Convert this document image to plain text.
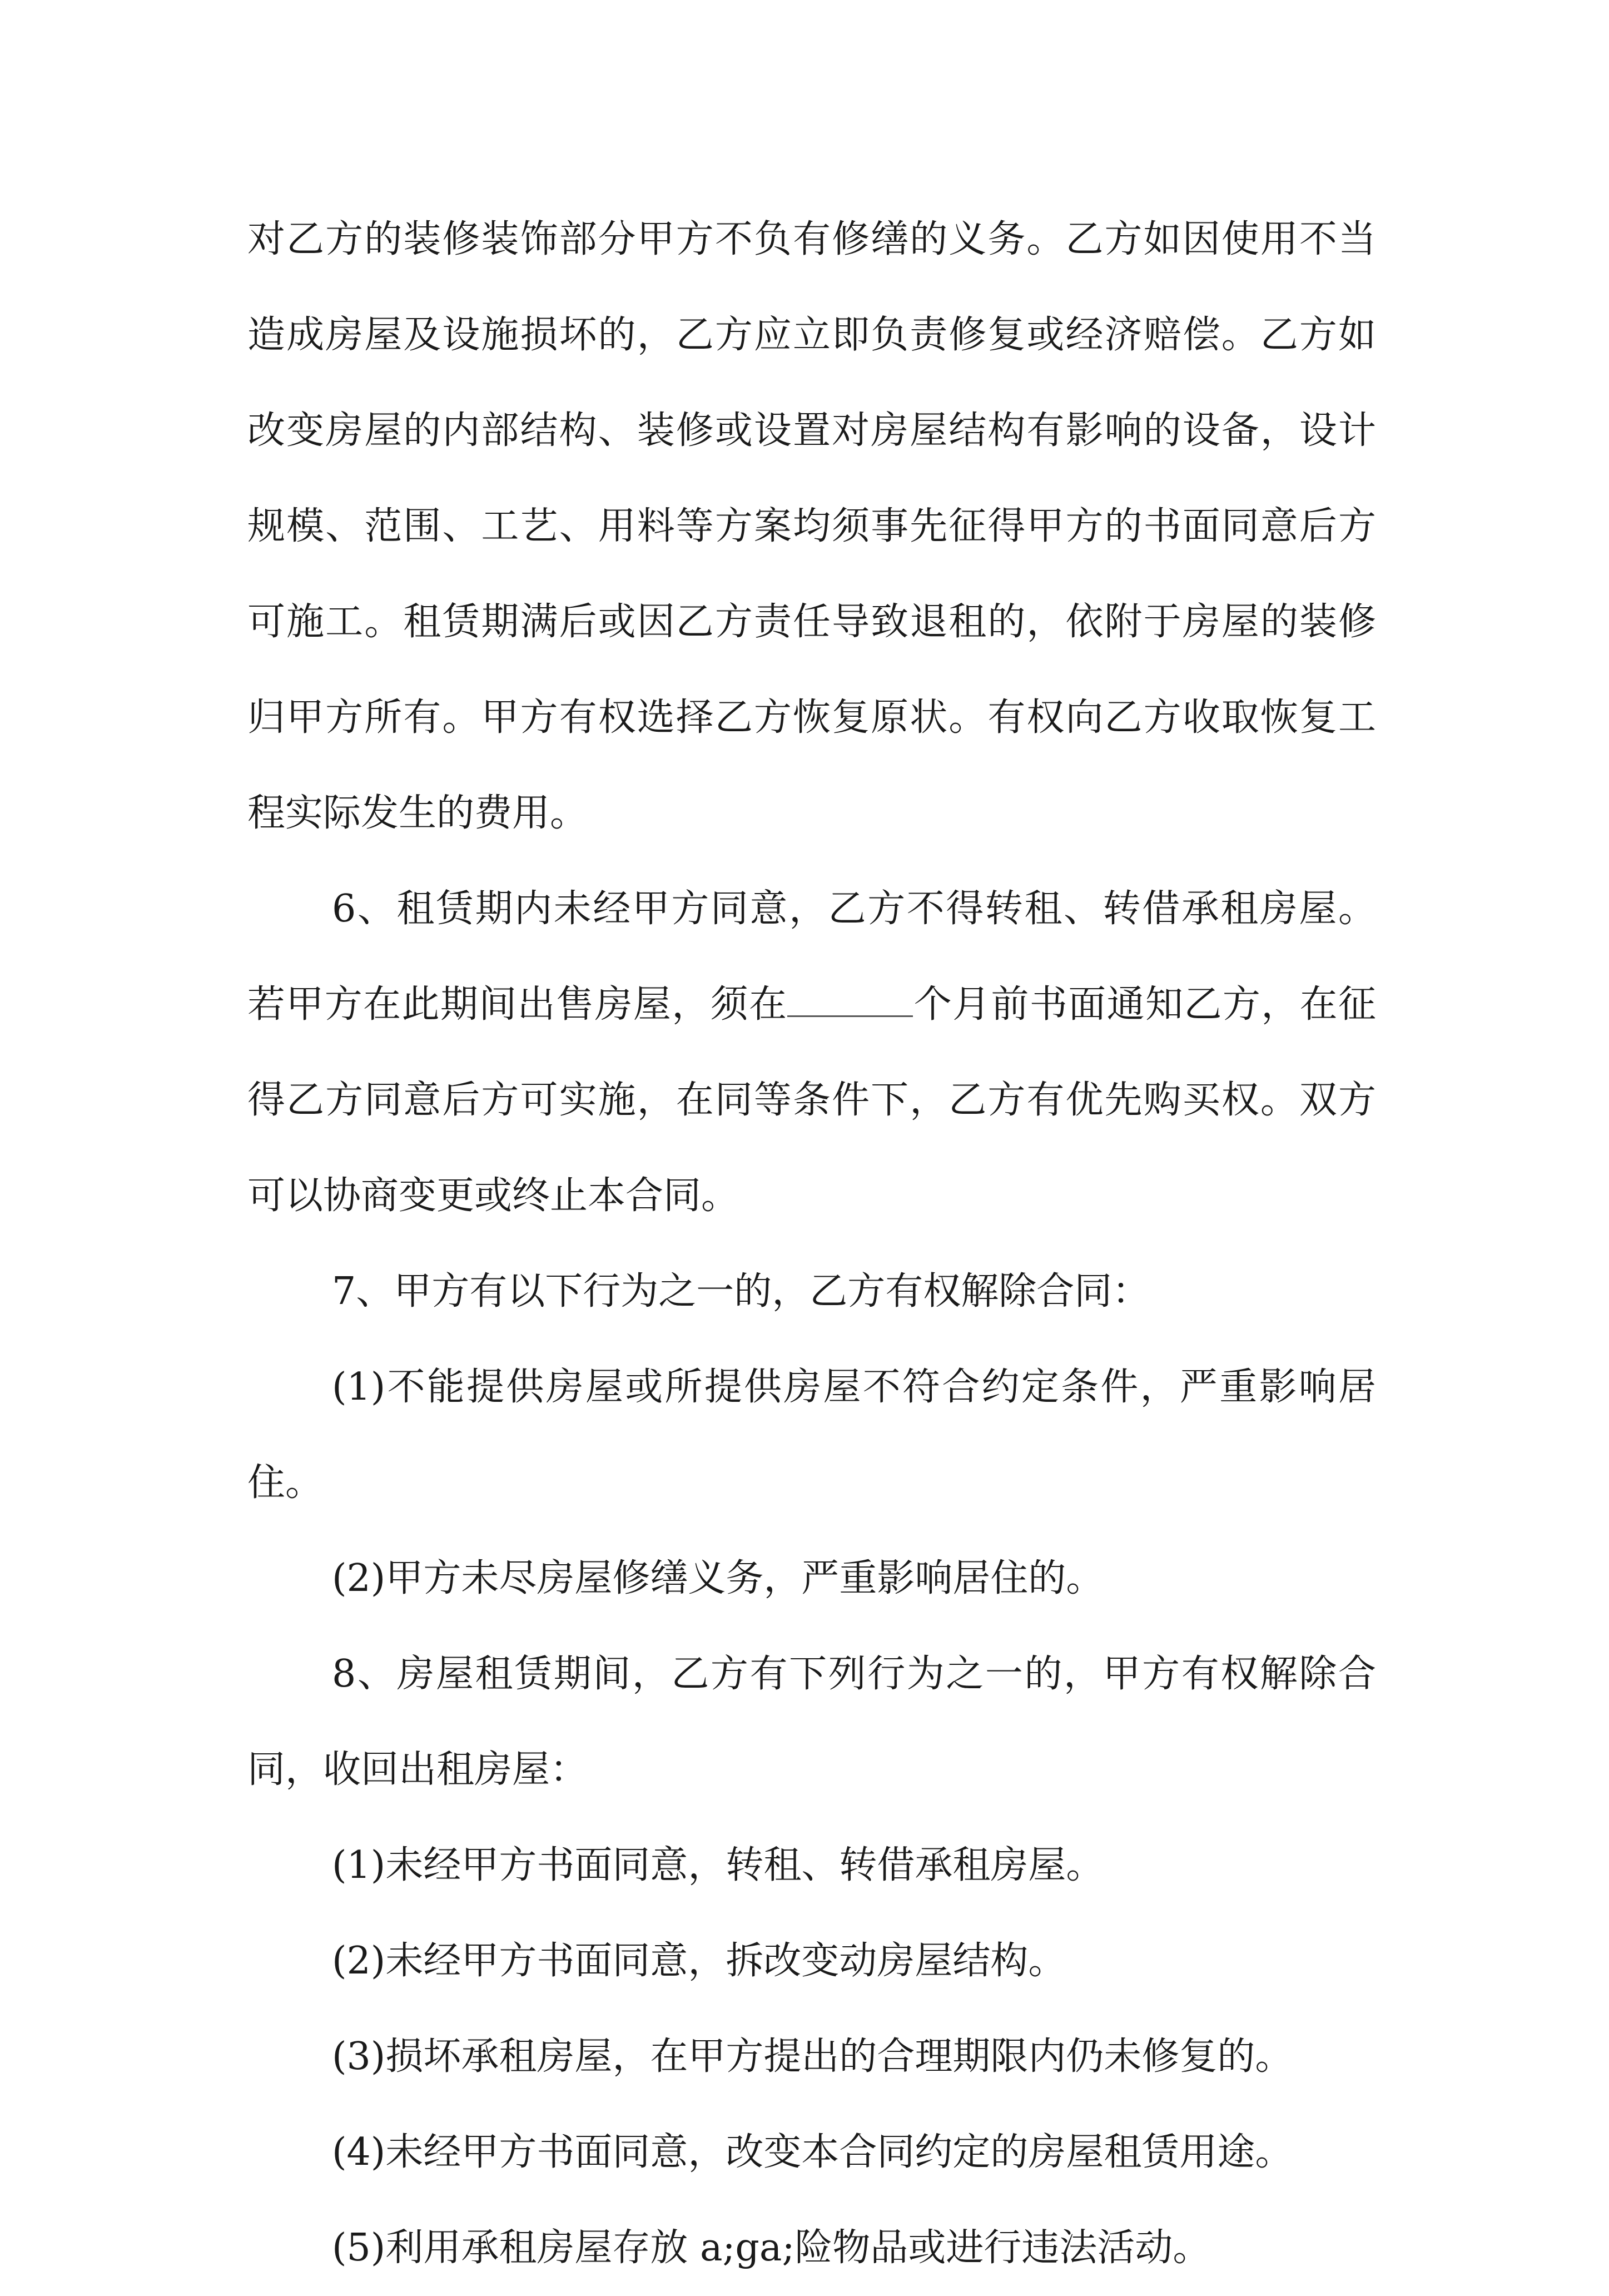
对乙方的装修装饰部分甲方不负有修缮的义务。乙方如因使用不当造成房屋及设施损坏的，乙方应立即负责修复或经济赔偿。乙方如改变房屋的内部结构、装修或设置对房屋结构有影响的设备，设计规模、范围、工艺、用料等方案均须事先征得甲方的书面同意后方可施工。租赁期满后或因乙方责任导致退租的，依附于房屋的装修归甲方所有。甲方有权选择乙方恢复原状。有权向乙方收取恢复工程实际发生的费用。

6、租赁期内未经甲方同意，乙方不得转租、转借承租房屋。若甲方在此期间出售房屋，须在	个月前书面通知乙方，在征得乙方同意后方可实施，在同等条件下，乙方有优先购买权。双方可以协商变更或终止本合同。

7、甲方有以下行为之一的，乙方有权解除合同：

(1)不能提供房屋或所提供房屋不符合约定条件，严重影响居住。

(2)甲方未尽房屋修缮义务，严重影响居住的。

8、房屋租赁期间，乙方有下列行为之一的，甲方有权解除合同，收回出租房屋：

(1)未经甲方书面同意，转租、转借承租房屋。

(2)未经甲方书面同意，拆改变动房屋结构。

(3)损坏承租房屋，在甲方提出的合理期限内仍未修复的。

(4)未经甲方书面同意，改变本合同约定的房屋租赁用途。

(5)利用承租房屋存放 a;ga;险物品或进行违法活动。
